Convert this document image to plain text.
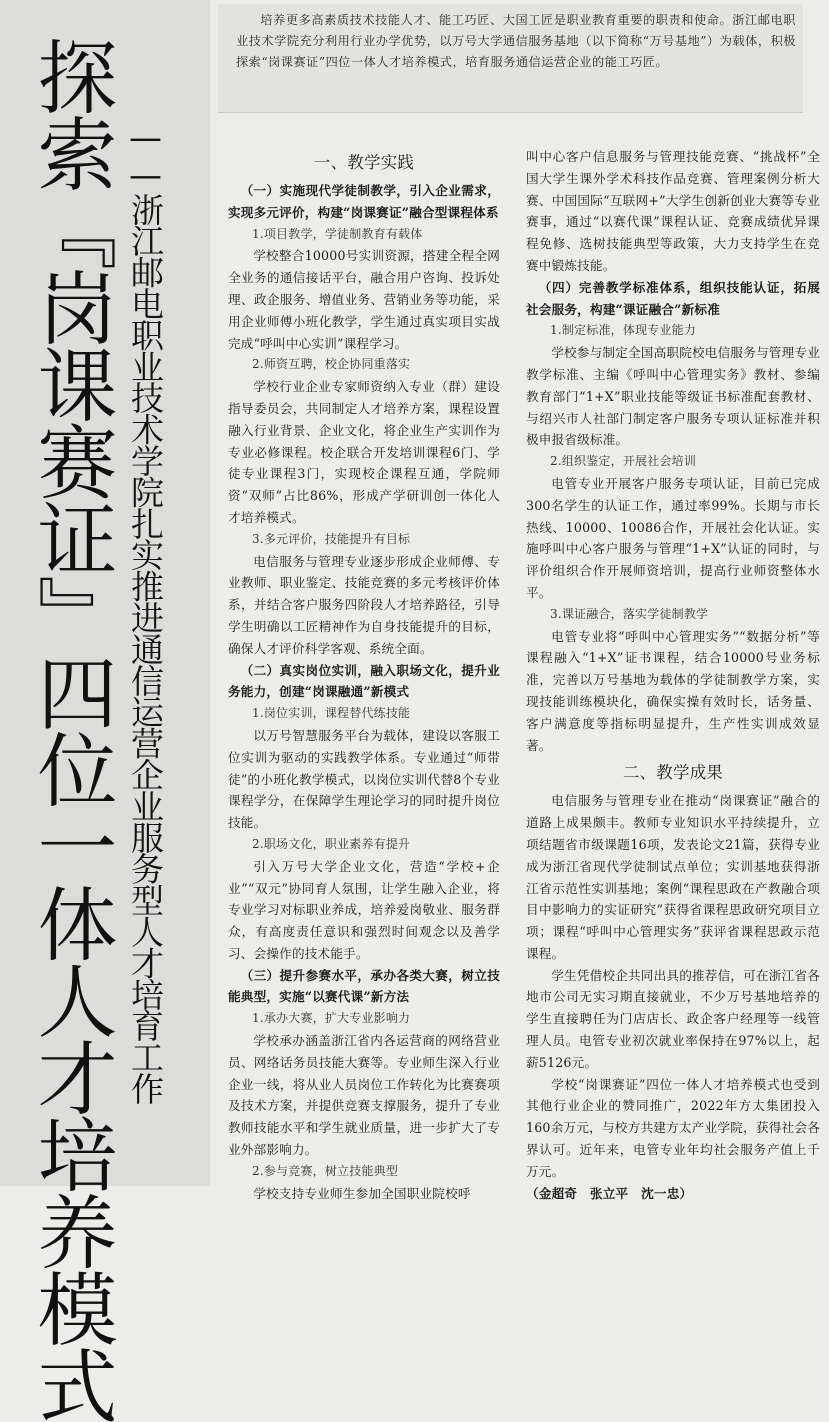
探索『岗课赛证』四位一体人才培养模式 ——浙江邮电职业技术学院扎实推进通信运营企业服务型人才培育工作

培养更多高素质技术技能人才、能工巧匠、大国工匠是职业教育重要的职责和使命。浙江邮电职业技术学院充分利用行业办学优势，以万号大学通信服务基地（以下简称“万号基地”）为载体，积极探索“岗课赛证”四位一体人才培养模式，培育服务通信运营企业的能工巧匠。

一、教学实践

（一）实施现代学徒制教学，引入企业需求，实现多元评价，构建“岗课赛证”融合型课程体系

1.项目教学，学徒制教育有载体

学校整合10000号实训资源，搭建全程全网全业务的通信接话平台，融合用户咨询、投诉处理、政企服务、增值业务、营销业务等功能，采用企业师傅小班化教学，学生通过真实项目实战完成“呼叫中心实训”课程学习。

2.师资互聘，校企协同重落实

学校行业企业专家师资纳入专业（群）建设指导委员会，共同制定人才培养方案，课程设置融入行业背景、企业文化，将企业生产实训作为专业必修课程。校企联合开发培训课程6门、学徒专业课程3门，实现校企课程互通，学院师资“双师”占比86%，形成产学研训创一体化人才培养模式。

3.多元评价，技能提升有目标

电信服务与管理专业逐步形成企业师傅、专业教师、职业鉴定、技能竞赛的多元考核评价体系，并结合客户服务四阶段人才培养路径，引导学生明确以工匠精神作为自身技能提升的目标，确保人才评价科学客观、系统全面。

（二）真实岗位实训，融入职场文化，提升业务能力，创建“岗课融通”新模式

1.岗位实训，课程替代练技能

以万号智慧服务平台为载体，建设以客服工位实训为驱动的实践教学体系。专业通过“师带徒”的小班化教学模式，以岗位实训代替8个专业课程学分，在保障学生理论学习的同时提升岗位技能。

2.职场文化，职业素养有提升

引入万号大学企业文化，营造“学校+企业”“双元”协同育人氛围，让学生融入企业，将专业学习对标职业养成，培养爱岗敬业、服务群众，有高度责任意识和强烈时间观念以及善学习、会操作的技术能手。

（三）提升参赛水平，承办各类大赛，树立技能典型，实施“以赛代课”新方法

1.承办大赛，扩大专业影响力

学校承办涵盖浙江省内各运营商的网络营业员、网络话务员技能大赛等。专业师生深入行业企业一线，将从业人员岗位工作转化为比赛赛项及技术方案，并提供竞赛支撑服务，提升了专业教师技能水平和学生就业质量，进一步扩大了专业外部影响力。

2.参与竞赛，树立技能典型

学校支持专业师生参加全国职业院校呼

叫中心客户信息服务与管理技能竞赛、“挑战杯”全国大学生课外学术科技作品竞赛、管理案例分析大赛、中国国际“互联网+”大学生创新创业大赛等专业赛事，通过“以赛代课”课程认证、竞赛成绩优异课程免修、选树技能典型等政策，大力支持学生在竞赛中锻炼技能。

（四）完善教学标准体系，组织技能认证，拓展社会服务，构建“课证融合”新标准

1.制定标准，体现专业能力

学校参与制定全国高职院校电信服务与管理专业教学标准、主编《呼叫中心管理实务》教材、参编教育部门“1+X”职业技能等级证书标准配套教材、与绍兴市人社部门制定客户服务专项认证标准并积极申报省级标准。

2.组织鉴定，开展社会培训

电管专业开展客户服务专项认证，目前已完成300名学生的认证工作，通过率99%。长期与市长热线、10000、10086合作，开展社会化认证。实施呼叫中心客户服务与管理“1+X”认证的同时，与评价组织合作开展师资培训，提高行业师资整体水平。

3.课证融合，落实学徒制教学

电管专业将“呼叫中心管理实务”“数据分析”等课程融入“1+X”证书课程，结合10000号业务标准，完善以万号基地为载体的学徒制教学方案，实现技能训练模块化，确保实操有效时长，话务量、客户满意度等指标明显提升，生产性实训成效显著。

二、教学成果

电信服务与管理专业在推动“岗课赛证”融合的道路上成果颇丰。教师专业知识水平持续提升，立项结题省市级课题16项，发表论文21篇，获得专业成为浙江省现代学徒制试点单位；实训基地获得浙江省示范性实训基地；案例“课程思政在产教融合项目中影响力的实证研究”获得省课程思政研究项目立项；课程“呼叫中心管理实务”获评省课程思政示范课程。

学生凭借校企共同出具的推荐信，可在浙江省各地市公司无实习期直接就业，不少万号基地培养的学生直接聘任为门店店长、政企客户经理等一线管理人员。电管专业初次就业率保持在97%以上，起薪5126元。

学校“岗课赛证”四位一体人才培养模式也受到其他行业企业的赞同推广，2022年方太集团投入160余万元，与校方共建方太产业学院，获得社会各界认可。近年来，电管专业年均社会服务产值上千万元。

（金超奇　张立平　沈一忠）
